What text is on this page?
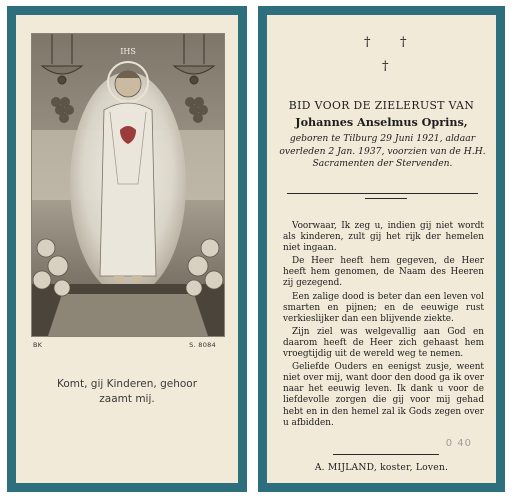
IHS
BK	S. 8084
Komt, gij Kinderen, gehoor
zaamt mij.
† †
†
BID VOOR DE ZIELERUST VAN
Johannes Anselmus Oprins,
geboren te Tilburg 29 Juni 1921, aldaar overleden 2 Jan. 1937, voorzien van de H.H. Sacramenten der Stervenden.

Voorwaar, Ik zeg u, indien gij niet wordt als kinderen, zult gij het rijk der hemelen niet ingaan.

De Heer heeft hem gegeven, de Heer heeft hem genomen, de Naam des Heeren zij gezegend.

Een zalige dood is beter dan een leven vol smarten en pijnen; en de eeuwige rust verkieslijker dan een blijvende ziekte.

Zijn ziel was welgevallig aan God en daarom heeft de Heer zich gehaast hem vroegtijdig uit de wereld weg te nemen.

Geliefde Ouders en eenigst zusje, weent niet over mij, want door den dood ga ik over naar het eeuwig leven. Ik dank u voor de liefdevolle zorgen die gij voor mij gehad hebt en in den hemel zal ik Gods zegen over u afbidden.

0 40
A. MIJLAND, koster, Loven.
